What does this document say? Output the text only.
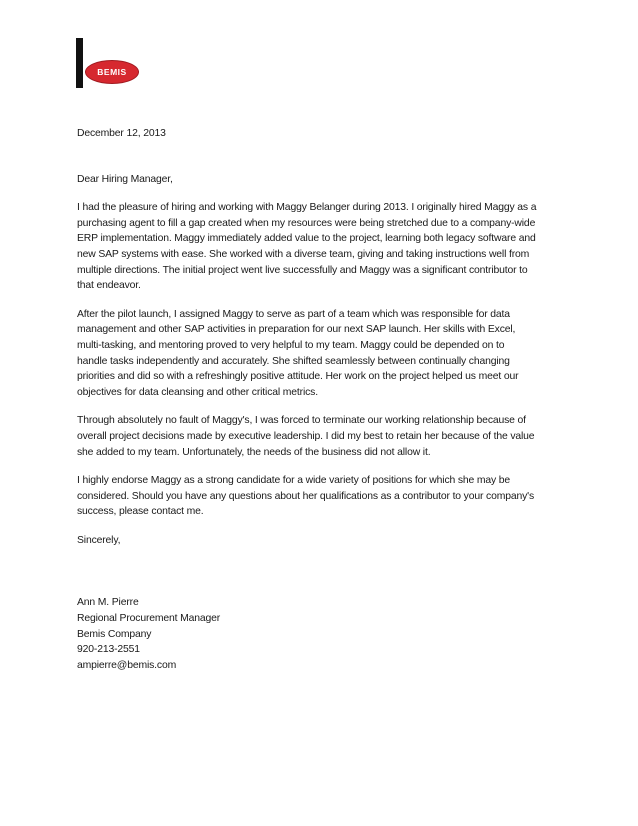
BEMIS

December 12, 2013

Dear Hiring Manager,

I had the pleasure of hiring and working with Maggy Belanger during 2013. I originally hired Maggy as a
purchasing agent to fill a gap created when my resources were being stretched due to a company-wide
ERP implementation. Maggy immediately added value to the project, learning both legacy software and
new SAP systems with ease. She worked with a diverse team, giving and taking instructions well from
multiple directions. The initial project went live successfully and Maggy was a significant contributor to
that endeavor.

After the pilot launch, I assigned Maggy to serve as part of a team which was responsible for data
management and other SAP activities in preparation for our next SAP launch. Her skills with Excel,
multi-tasking, and mentoring proved to very helpful to my team. Maggy could be depended on to
handle tasks independently and accurately. She shifted seamlessly between continually changing
priorities and did so with a refreshingly positive attitude. Her work on the project helped us meet our
objectives for data cleansing and other critical metrics.

Through absolutely no fault of Maggy's, I was forced to terminate our working relationship because of
overall project decisions made by executive leadership. I did my best to retain her because of the value
she added to my team. Unfortunately, the needs of the business did not allow it.

I highly endorse Maggy as a strong candidate for a wide variety of positions for which she may be
considered. Should you have any questions about her qualifications as a contributor to your company's
success, please contact me.

Sincerely,

Ann M. Pierre
Regional Procurement Manager
Bemis Company
920-213-2551
ampierre@bemis.com
